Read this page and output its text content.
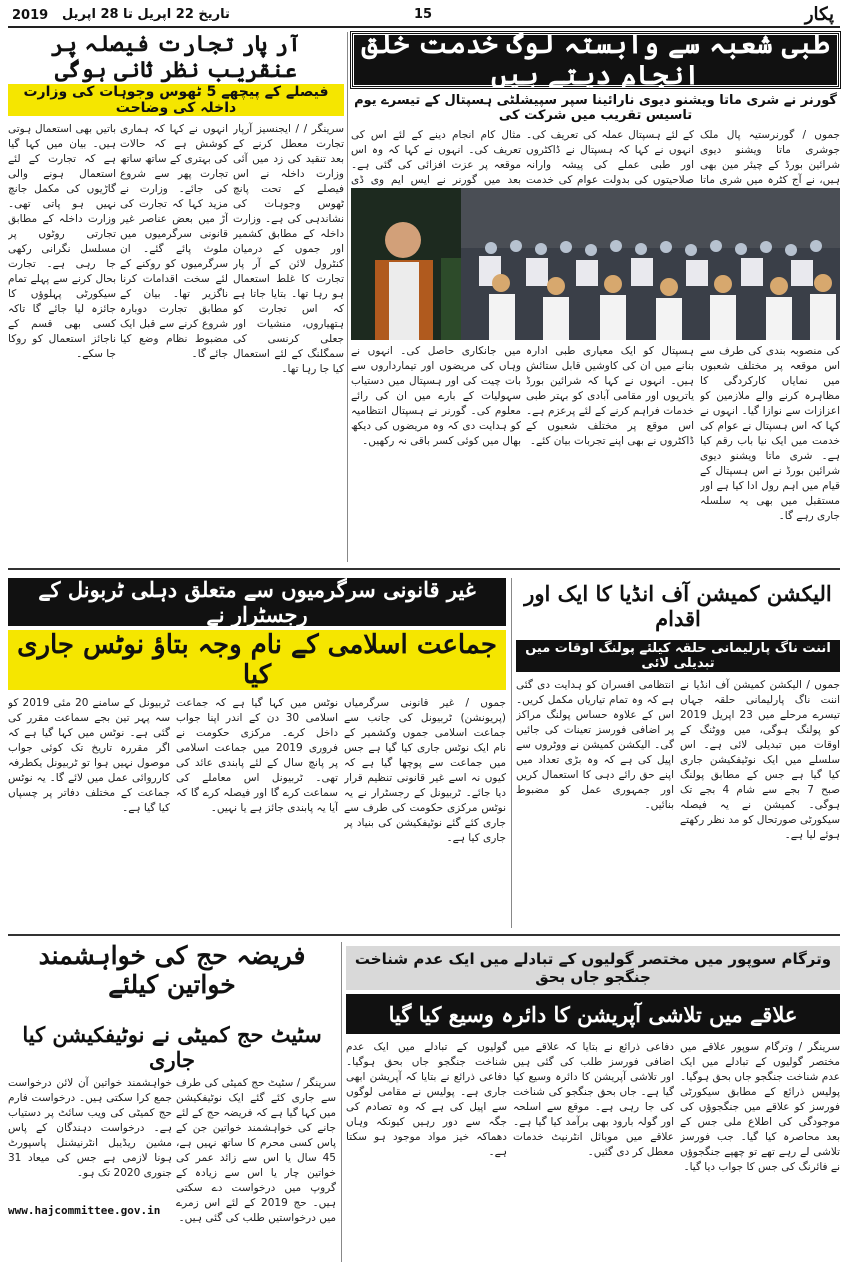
2019 تاریخ 22 اپریل تا 28 اپریل	15	پکار
طبی شعبہ سے وابستہ لوگ خدمت خلق انجام دیتے ہیں
گورنر نے شری ماتا ویشنو دیوی نارائینا سپر سپیشلٹی ہسپتال کے تیسرے یوم تاسیس تقریب میں شرکت کی
جموں / گورنرستیہ پال ملک جوشری ماتا ویشنو دیوی شرائین بورڈ کے چیئر مین بھی ہیں، نے آج کٹرہ میں شری ماتا
کے لئے ہسپتال عملہ کی تعریف کی۔ انہوں نے کہا کہ ہسپتال نے ڈاکٹروں اور طبی عملے کی پیشہ وارانہ صلاحیتوں کی بدولت عوام کی خدمت
مثال کام انجام دینے کے لئے اس کی تعریف کی۔ انہوں نے کہا کہ وہ اس موقعہ پر عزت افزائی کی گئی ہے۔ بعد میں گورنر نے ایس ایم وی ڈی
کی منصوبہ بندی کی طرف سے اس موقعہ پر مختلف شعبوں میں نمایاں کارکردگی کا مظاہرہ کرنے والے ملازمین کو اعزازات سے نوازا گیا۔ انہوں نے کہا کہ اس ہسپتال نے عوام کی خدمت میں ایک نیا باب رقم کیا ہے۔ شری ماتا ویشنو دیوی شرائین بورڈ نے اس ہسپتال کے قیام میں اہم رول ادا کیا ہے اور مستقبل میں بھی یہ سلسلہ جاری رہے گا۔
ہسپتال کو ایک معیاری طبی ادارہ بنانے میں ان کی کاوشیں قابل ستائش ہیں۔ انہوں نے کہا کہ شرائین بورڈ یاتریوں اور مقامی آبادی کو بہتر طبی خدمات فراہم کرنے کے لئے پرعزم ہے۔ اس موقع پر مختلف شعبوں کے ڈاکٹروں نے بھی اپنے تجربات بیان کئے۔
میں جانکاری حاصل کی۔ انہوں نے وہاں کی مریضوں اور تیمارداروں سے بات چیت کی اور ہسپتال میں دستیاب سہولیات کے بارے میں ان کی رائے معلوم کی۔ گورنر نے ہسپتال انتظامیہ کو ہدایت دی کہ وہ مریضوں کی دیکھ بھال میں کوئی کسر باقی نہ رکھیں۔
آر پار تجارت فیصلہ پر عنقریب نظر ثانی ہوگی
فیصلے کے پیچھے 5 ٹھوس وجوہات کی وزارت داخلہ کی وضاحت
سرینگر / / ایجنسیز آرپار تجارت معطل کرنے کے بعد تنقید کی زد میں آئی وزارت داخلہ نے اس فیصلے کے تحت پانچ ٹھوس وجوہات کی نشاندہی کی ہے۔ وزارت داخلہ کے مطابق کشمیر اور جموں کے درمیان کنٹرول لائن کے آر پار تجارت کا غلط استعمال ہو رہا تھا۔ بتایا جاتا ہے کہ اس تجارت کو ہتھیاروں، منشیات اور جعلی کرنسی کی سمگلنگ کے لئے استعمال کیا جا رہا تھا۔
انہوں نے کہا کہ ہماری کوشش ہے کہ حالات کی بہتری کے ساتھ ساتھ تجارت پھر سے شروع کی جائے۔ وزارت نے مزید کہا کہ تجارت کی آڑ میں بعض عناصر غیر قانونی سرگرمیوں میں ملوث پائے گئے۔ ان سرگرمیوں کو روکنے کے لئے سخت اقدامات کرنا ناگزیر تھا۔ بیان کے مطابق تجارت دوبارہ شروع کرنے سے قبل ایک مضبوط نظام وضع کیا جائے گا۔
باتیں بھی استعمال ہوتی ہیں۔ بیان میں کہا گیا ہے کہ تجارت کے لئے استعمال ہونے والی گاڑیوں کی مکمل جانچ نہیں ہو پاتی تھی۔ وزارت داخلہ کے مطابق تجارتی روٹوں پر مسلسل نگرانی رکھی جا رہی ہے۔ تجارت بحال کرنے سے پہلے تمام سیکورٹی پہلوؤں کا جائزہ لیا جائے گا تاکہ کسی بھی قسم کے ناجائز استعمال کو روکا جا سکے۔
الیکشن کمیشن آف انڈیا کا ایک اور اقدام
اننت ناگ پارلیمانی حلقہ کیلئے پولنگ اوقات میں تبدیلی لائی
جموں / الیکشن کمیشن آف انڈیا نے اننت ناگ پارلیمانی حلقہ جہاں تیسرے مرحلے میں 23 اپریل 2019 کو پولنگ ہوگی، میں ووٹنگ کے اوقات میں تبدیلی لائی ہے۔ اس سلسلے میں ایک نوٹیفکیشن جاری کیا گیا ہے جس کے مطابق پولنگ صبح 7 بجے سے شام 4 بجے تک ہوگی۔ کمیشن نے یہ فیصلہ سیکورٹی صورتحال کو مد نظر رکھتے ہوئے لیا ہے۔
انتظامی افسران کو ہدایت دی گئی ہے کہ وہ تمام تیاریاں مکمل کریں۔ اس کے علاوہ حساس پولنگ مراکز پر اضافی فورسز تعینات کی جائیں گی۔ الیکشن کمیشن نے ووٹروں سے اپیل کی ہے کہ وہ بڑی تعداد میں اپنے حق رائے دہی کا استعمال کریں اور جمہوری عمل کو مضبوط بنائیں۔
غیر قانونی سرگرمیوں سے متعلق دہلی ٹربونل کے رجسٹرار نے
جماعت اسلامی کے نام وجہ بتاؤ نوٹس جاری کیا
جموں / غیر قانونی سرگرمیاں (پریونشن) ٹربیونل کی جانب سے جماعت اسلامی جموں وکشمیر کے نام ایک نوٹس جاری کیا گیا ہے جس میں جماعت سے پوچھا گیا ہے کہ کیوں نہ اسے غیر قانونی تنظیم قرار دیا جائے۔ ٹربیونل کے رجسٹرار نے یہ نوٹس مرکزی حکومت کی طرف سے جاری کئے گئے نوٹیفکیشن کی بنیاد پر جاری کیا ہے۔
نوٹس میں کہا گیا ہے کہ جماعت اسلامی 30 دن کے اندر اپنا جواب داخل کرے۔ مرکزی حکومت نے فروری 2019 میں جماعت اسلامی پر پانچ سال کے لئے پابندی عائد کی تھی۔ ٹربیونل اس معاملے کی سماعت کرے گا اور فیصلہ کرے گا کہ آیا یہ پابندی جائز ہے یا نہیں۔
ٹربیونل کے سامنے 20 مئی 2019 کو سہ پہر تین بجے سماعت مقرر کی گئی ہے۔ نوٹس میں کہا گیا ہے کہ اگر مقررہ تاریخ تک کوئی جواب موصول نہیں ہوا تو ٹربیونل یکطرفہ کارروائی عمل میں لائے گا۔ یہ نوٹس جماعت کے مختلف دفاتر پر چسپاں کیا گیا ہے۔
فریضہ حج کی خواہشمند خواتین کیلئے
سٹیٹ حج کمیٹی نے نوٹیفکیشن کیا جاری
سرینگر / سٹیٹ حج کمیٹی کی طرف سے جاری کئے گئے ایک نوٹیفکیشن میں کہا گیا ہے کہ فریضہ حج کے لئے جانے کی خواہشمند خواتین جن کے پاس کسی محرم کا ساتھ نہیں ہے، 45 سال یا اس سے زائد عمر کی خواتین چار یا اس سے زیادہ کے گروپ میں درخواست دے سکتی ہیں۔ حج 2019 کے لئے اس زمرے میں درخواستیں طلب کی گئی ہیں۔
خواہشمند خواتین آن لائن درخواست جمع کرا سکتی ہیں۔ درخواست فارم حج کمیٹی کی ویب سائٹ پر دستیاب ہے۔ درخواست دہندگان کے پاس مشین ریڈیبل انٹرنیشنل پاسپورٹ ہونا لازمی ہے جس کی میعاد 31 جنوری 2020 تک ہو۔
www.hajcommittee.gov.in
وترگام سوپور میں مختصر گولیوں کے تبادلے میں ایک عدم شناخت جنگجو جاں بحق
علاقے میں تلاشی آپریشن کا دائرہ وسیع کیا گیا
سرینگر / وترگام سوپور علاقے میں مختصر گولیوں کے تبادلے میں ایک عدم شناخت جنگجو جاں بحق ہوگیا۔ پولیس ذرائع کے مطابق سیکورٹی فورسز کو علاقے میں جنگجوؤں کی موجودگی کی اطلاع ملی جس کے بعد محاصرہ کیا گیا۔ جب فورسز تلاشی لے رہے تھے تو چھپے جنگجوؤں نے فائرنگ کی جس کا جواب دیا گیا۔
دفاعی ذرائع نے بتایا کہ علاقے میں اضافی فورسز طلب کی گئی ہیں اور تلاشی آپریشن کا دائرہ وسیع کیا گیا ہے۔ جاں بحق جنگجو کی شناخت کی جا رہی ہے۔ موقع سے اسلحہ اور گولہ بارود بھی برآمد کیا گیا ہے۔ علاقے میں موبائل انٹرنیٹ خدمات معطل کر دی گئیں۔
گولیوں کے تبادلے میں ایک عدم شناخت جنگجو جاں بحق ہوگیا۔ دفاعی ذرائع نے بتایا کہ آپریشن ابھی جاری ہے۔ پولیس نے مقامی لوگوں سے اپیل کی ہے کہ وہ تصادم کی جگہ سے دور رہیں کیونکہ وہاں دھماکہ خیز مواد موجود ہو سکتا ہے۔
